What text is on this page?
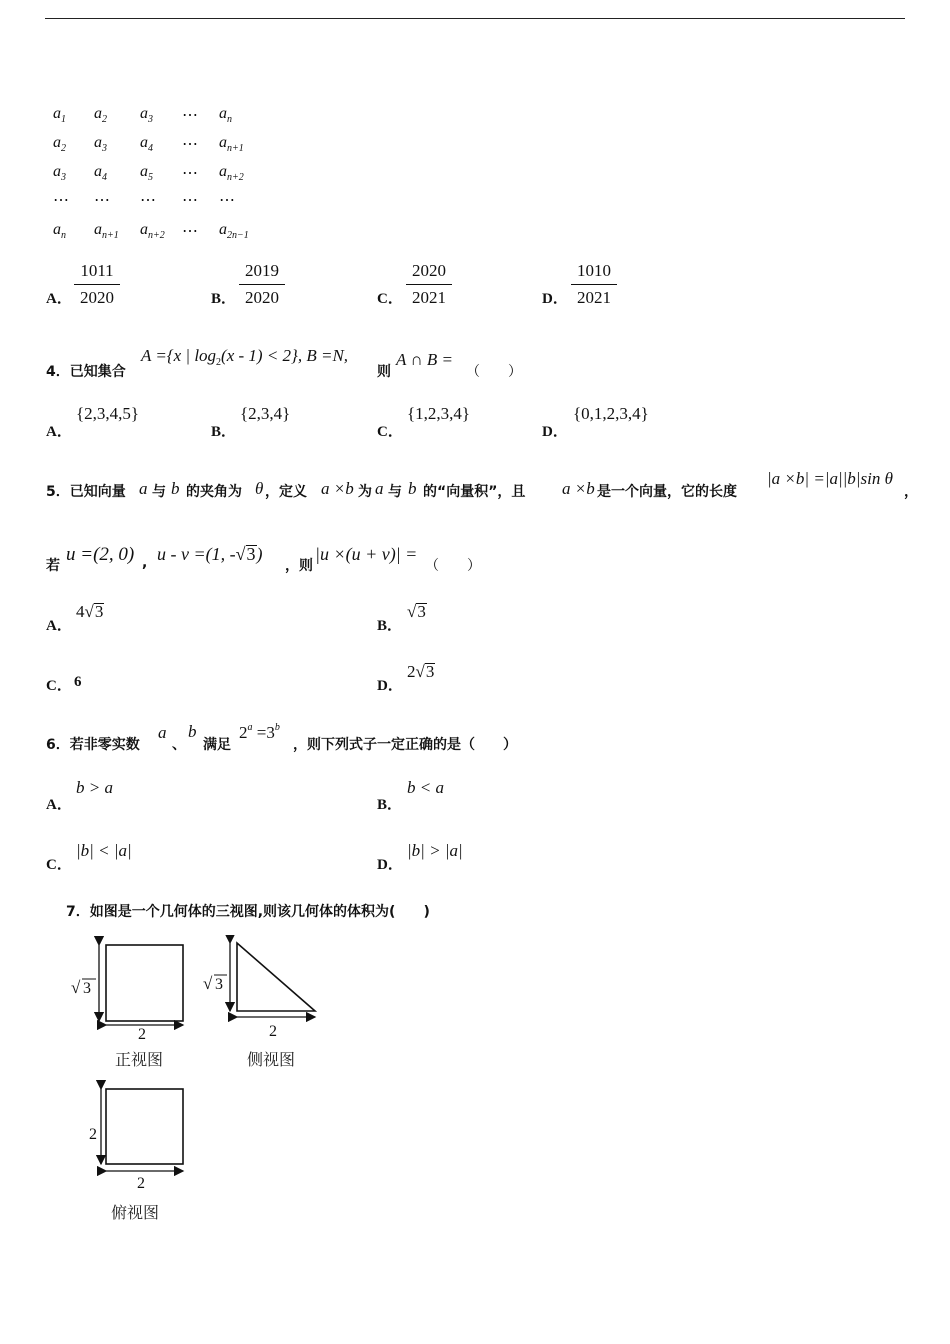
$a_1$ $a_2$ $a_3$ ⋯ $a_n$
$a_2$ $a_3$ $a_4$ ⋯ $a_{n+1}$
$a_3$ $a_4$ $a_5$ ⋯ $a_{n+2}$
⋯ ⋯ ⋯ ⋯ ⋯
$a_n$ $a_{n+1}$ $a_{n+2}$ ⋯ $a_{2n-1}$
A．
1011
2020	B．
2019
2020	C．
2020
2021	D．
1010
2021
4．已知集合
A ={x | $\log_2(x - 1) < 2$}, B =N,
则
A ∩ B =
（　　）
A．
{2,3,4,5}
B．
{2,3,4}
C．
{1,2,3,4}
D．
{0,1,2,3,4}
5．已知向量 a 与 b 的夹角为 θ ，定义 a ×b 为 a 与 b 的“向量积”，且 a ×b 是一个向量，它的长度
|a ×b| =|a||b|sin θ
，
若
u =(2, 0) , u - v =(1, -√3)
，则
|u ×(u + v)| =
（　　）
A．
4√3
B．
√3
C． 6	D．
2√3
6．若非零实数
a
、
b
满足
$2^a =3^b$
，则下列式子一定正确的是（　　）
A．
b > a
B．
b < a
C．
|b| < |a|
D．
|b| > |a|
7．如图是一个几何体的三视图,则该几何体的体积为(　　)
√ 3
2
正视图
√ 3
2
侧视图
2
2
俯视图
